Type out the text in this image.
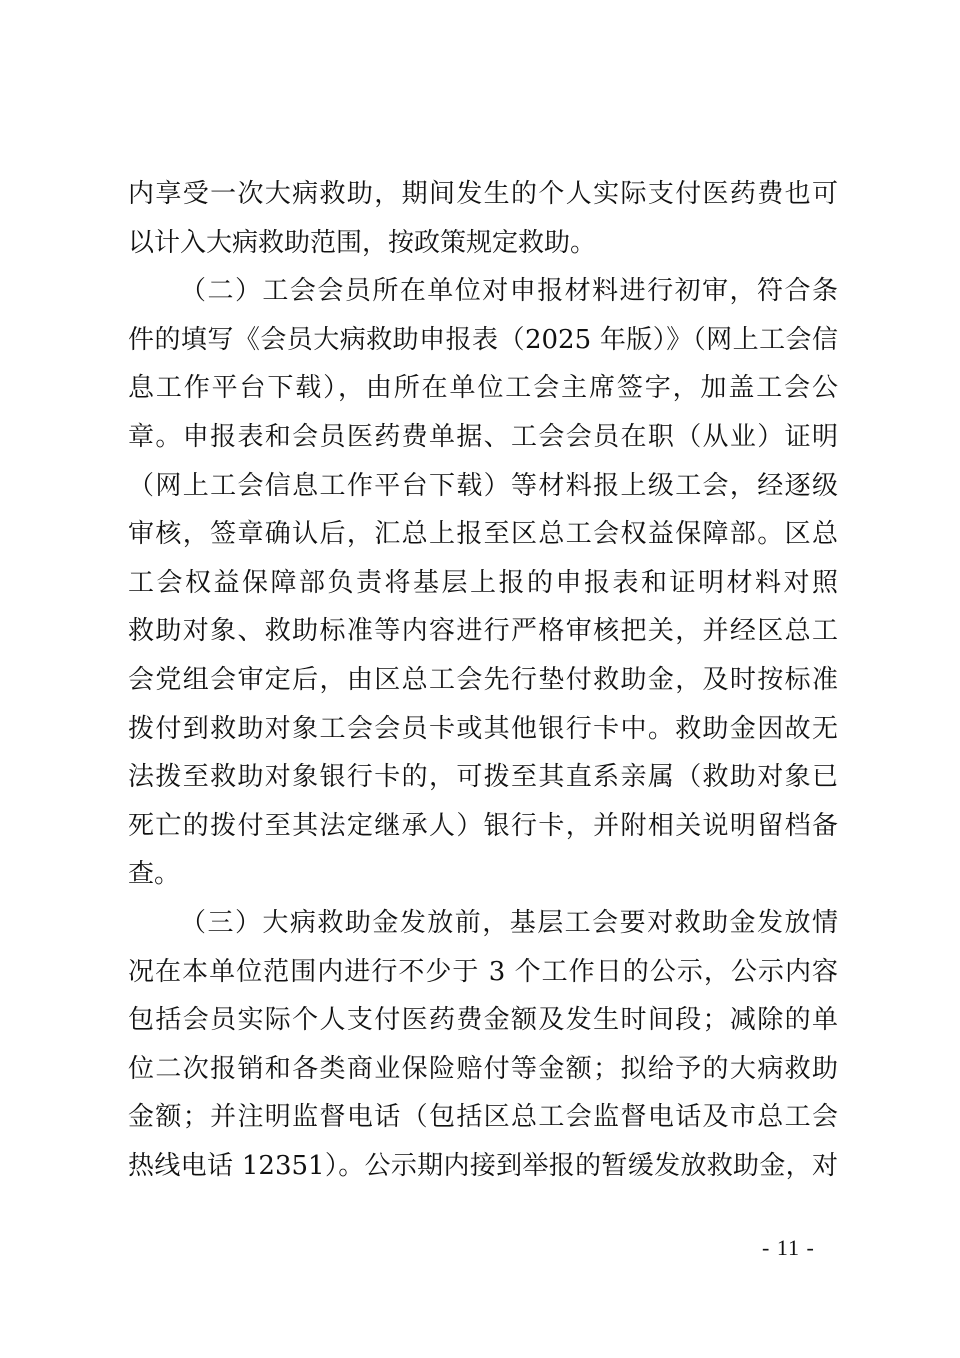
内享受一次大病救助，期间发生的个人实际支付医药费也可
以计入大病救助范围，按政策规定救助。
（二）工会会员所在单位对申报材料进行初审，符合条
件的填写《会员大病救助申报表（2025 年版）》（网上工会信
息工作平台下载），由所在单位工会主席签字，加盖工会公
章。申报表和会员医药费单据、工会会员在职（从业）证明
（网上工会信息工作平台下载）等材料报上级工会，经逐级
审核，签章确认后，汇总上报至区总工会权益保障部。区总
工会权益保障部负责将基层上报的申报表和证明材料对照
救助对象、救助标准等内容进行严格审核把关，并经区总工
会党组会审定后，由区总工会先行垫付救助金，及时按标准
拨付到救助对象工会会员卡或其他银行卡中。救助金因故无
法拨至救助对象银行卡的，可拨至其直系亲属（救助对象已
死亡的拨付至其法定继承人）银行卡，并附相关说明留档备
查。
（三）大病救助金发放前，基层工会要对救助金发放情
况在本单位范围内进行不少于 3 个工作日的公示，公示内容
包括会员实际个人支付医药费金额及发生时间段；减除的单
位二次报销和各类商业保险赔付等金额；拟给予的大病救助
金额；并注明监督电话（包括区总工会监督电话及市总工会
热线电话 12351）。公示期内接到举报的暂缓发放救助金，对
- 11 -
